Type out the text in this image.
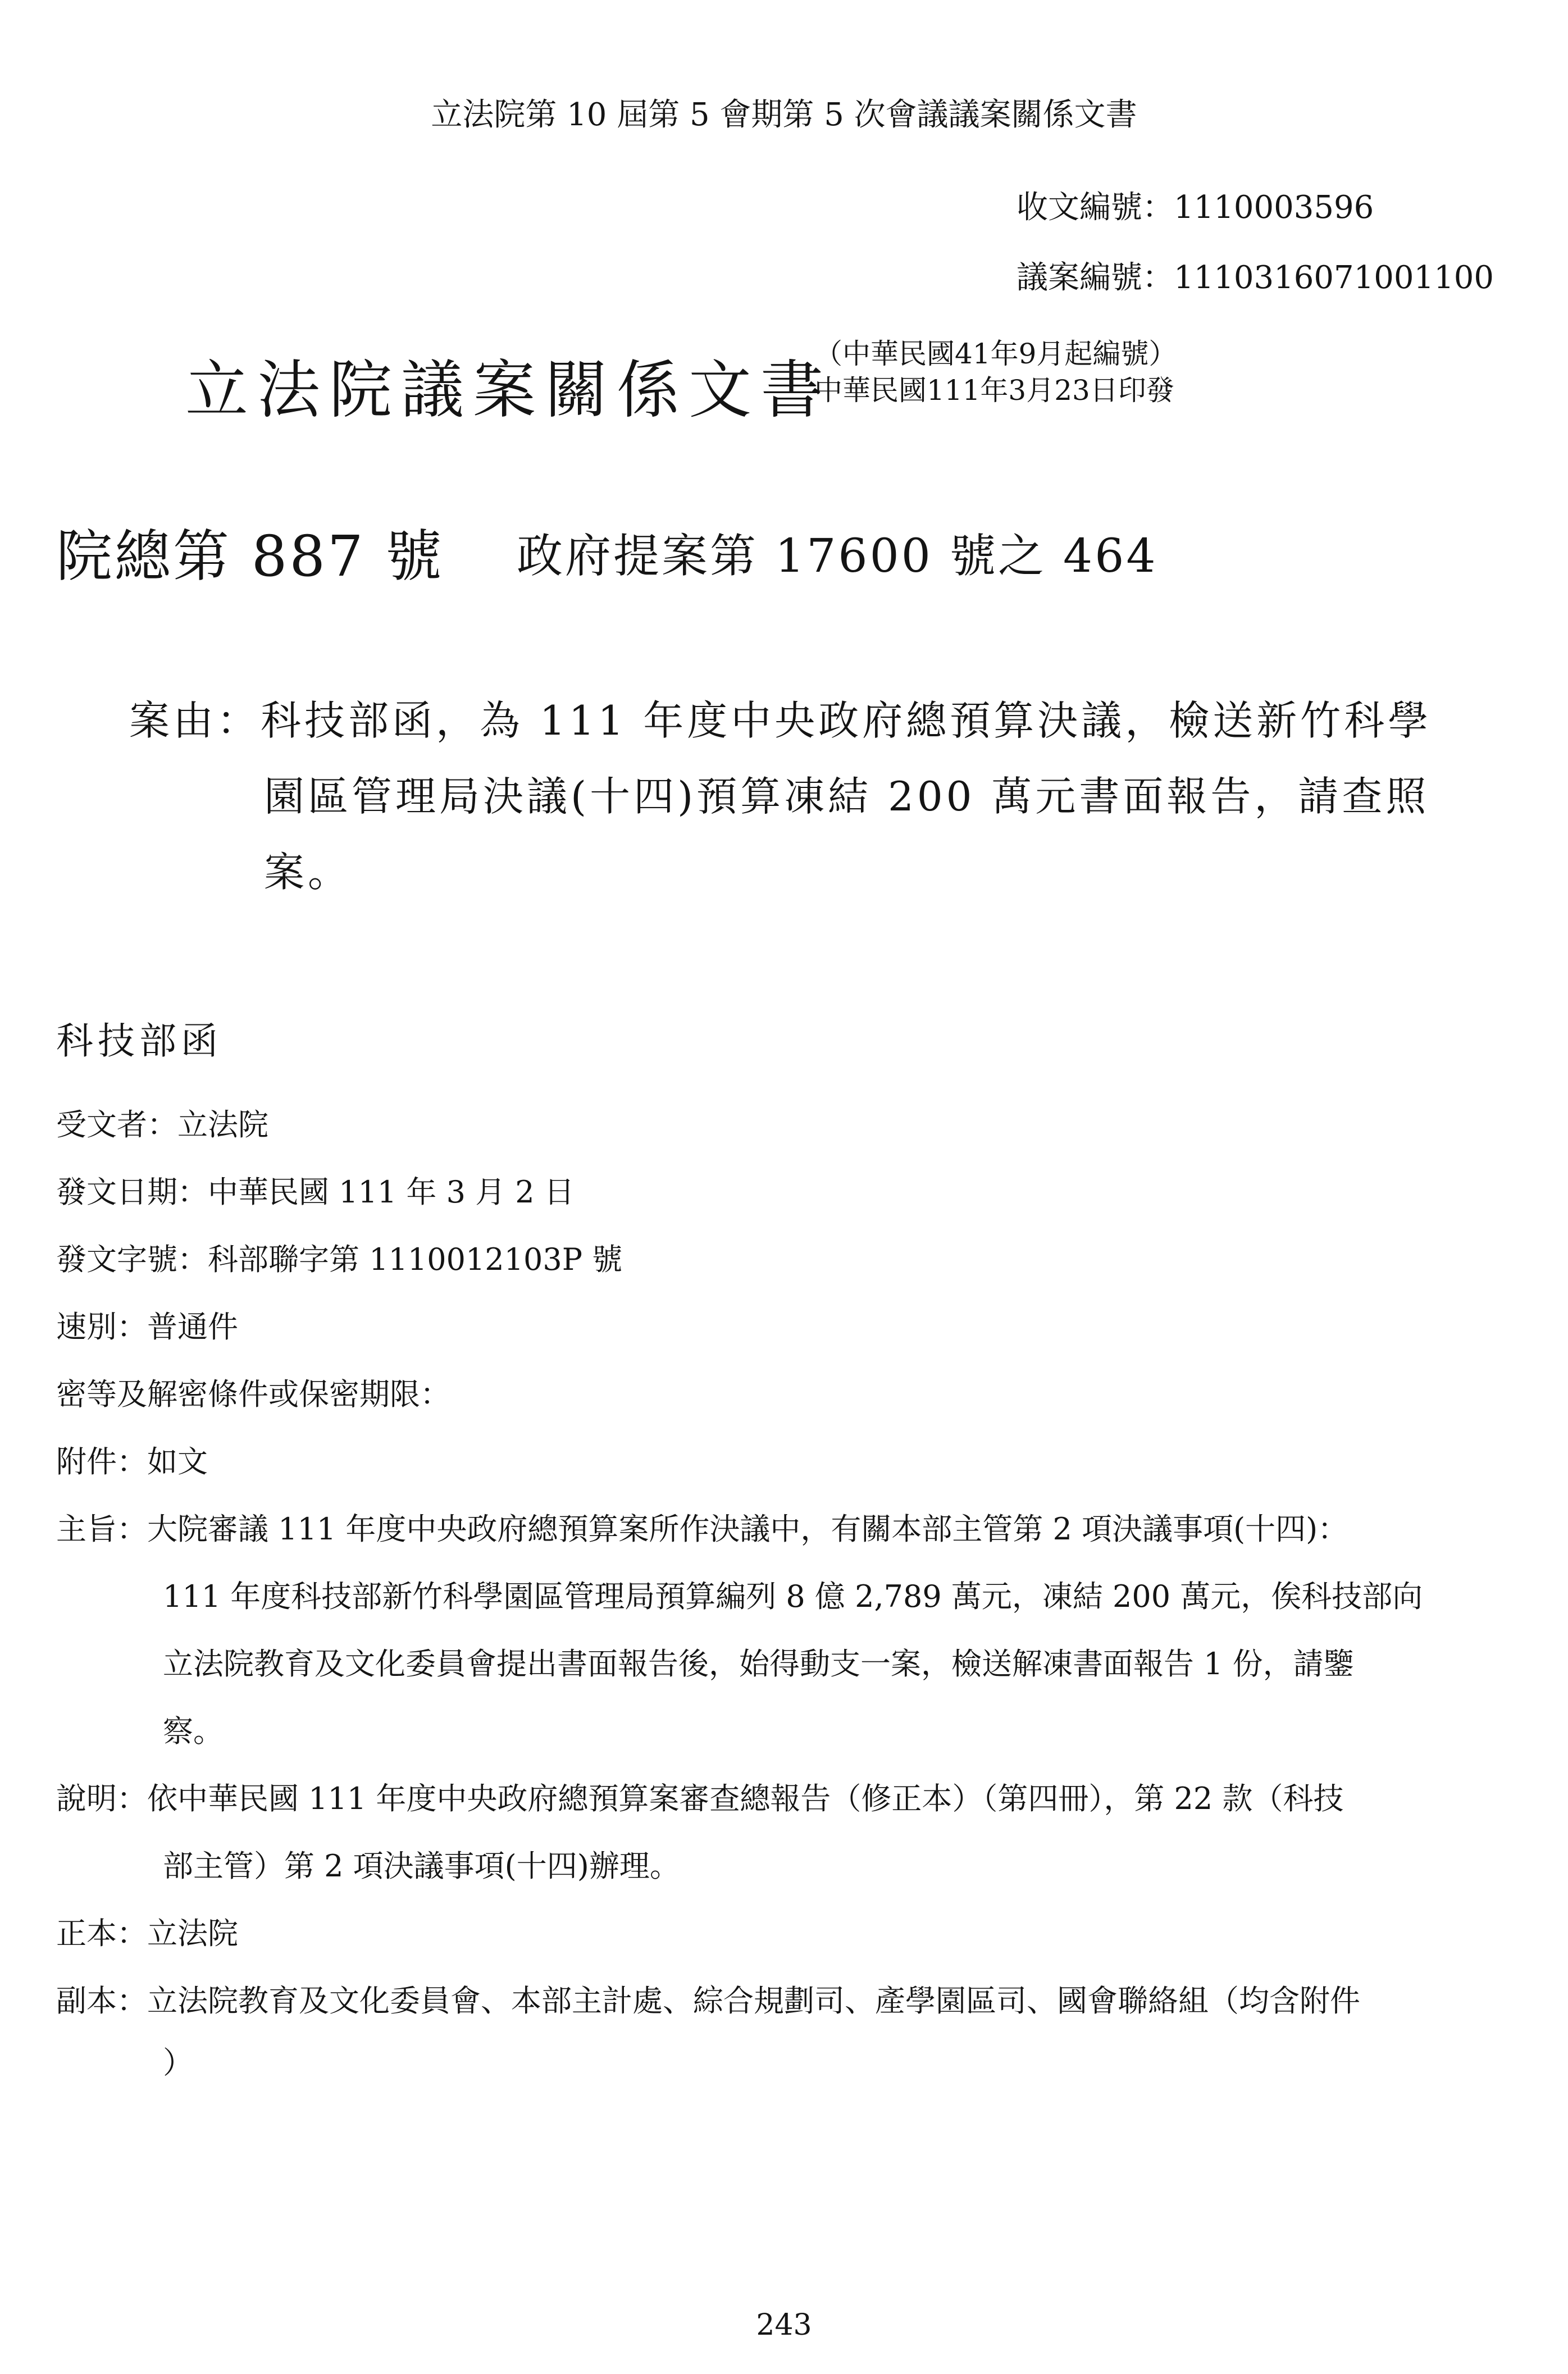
立法院第 10 屆第 5 會期第 5 次會議議案關係文書
收文編號：1110003596
議案編號：1110316071001100
立法院議案關係文書
（中華民國41年9月起編號）
中華民國111年3月23日印發
院總第 887 號 政府提案第 17600 號之 464
案由：科技部函，為 111 年度中央政府總預算決議，檢送新竹科學
園區管理局決議(十四)預算凍結 200 萬元書面報告，請查照
案。
科技部函
受文者：立法院
發文日期：中華民國 111 年 3 月 2 日
發文字號：科部聯字第 1110012103P 號
速別：普通件
密等及解密條件或保密期限：
附件：如文
主旨：大院審議 111 年度中央政府總預算案所作決議中，有關本部主管第 2 項決議事項(十四)：
111 年度科技部新竹科學園區管理局預算編列 8 億 2,789 萬元，凍結 200 萬元，俟科技部向
立法院教育及文化委員會提出書面報告後，始得動支一案，檢送解凍書面報告 1 份，請鑒
察。
說明：依中華民國 111 年度中央政府總預算案審查總報告（修正本）（第四冊），第 22 款（科技
部主管）第 2 項決議事項(十四)辦理。
正本：立法院
副本：立法院教育及文化委員會、本部主計處、綜合規劃司、產學園區司、國會聯絡組（均含附件
）
243
